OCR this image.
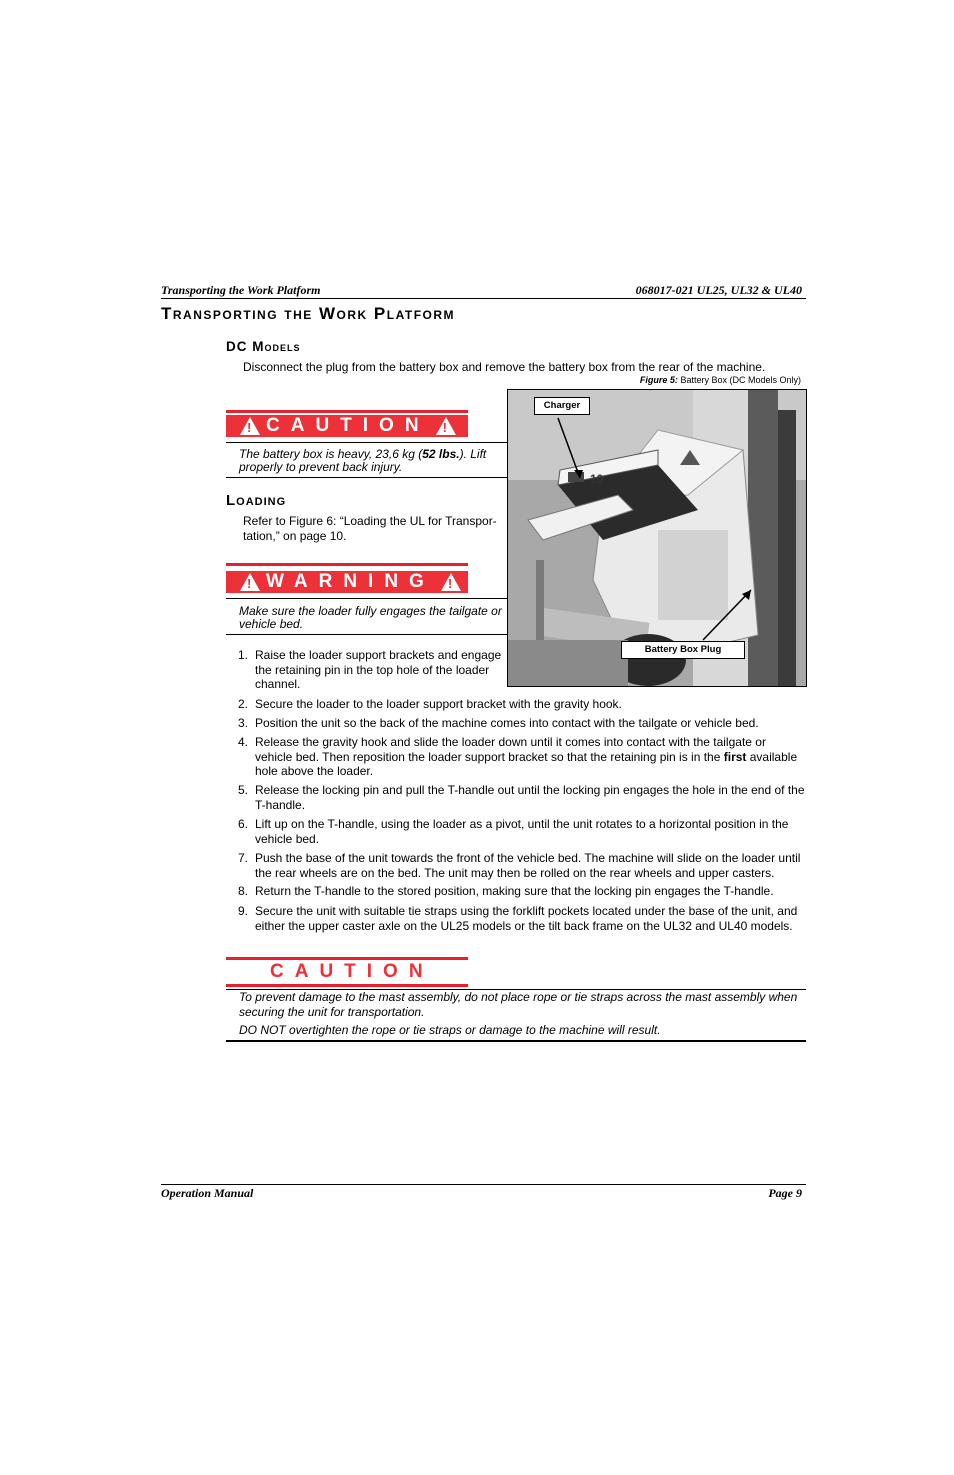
Transporting the Work Platform	068017-021 UL25, UL32 & UL40
Transporting the Work Platform
DC Models
Disconnect the plug from the battery box and remove the battery box from the rear of the machine.
Figure 5: Battery Box (DC Models Only)
10
Charger
Battery Box Plug
! CAUTION !
The battery box is heavy, 23,6 kg (52 lbs.). Lift properly to prevent back injury.
Loading
Refer to Figure 6: “Loading the UL for Transpor-tation,” on page 10.
! WARNING !
Make sure the loader fully engages the tailgate or vehicle bed.
1. Raise the loader support brackets and engage the retaining pin in the top hole of the loader channel.
2. Secure the loader to the loader support bracket with the gravity hook.
3. Position the unit so the back of the machine comes into contact with the tailgate or vehicle bed.
4. Release the gravity hook and slide the loader down until it comes into contact with the tailgate or vehicle bed. Then reposition the loader support bracket so that the retaining pin is in the first available hole above the loader.
5. Release the locking pin and pull the T-handle out until the locking pin engages the hole in the end of the T-handle.
6. Lift up on the T-handle, using the loader as a pivot, until the unit rotates to a horizontal position in the vehicle bed.
7. Push the base of the unit towards the front of the vehicle bed. The machine will slide on the loader until the rear wheels are on the bed. The unit may then be rolled on the rear wheels and upper casters.
8. Return the T-handle to the stored position, making sure that the locking pin engages the T-handle.
9. Secure the unit with suitable tie straps using the forklift pockets located under the base of the unit, and either the upper caster axle on the UL25 models or the tilt back frame on the UL32 and UL40 models.
CAUTION
To prevent damage to the mast assembly, do not place rope or tie straps across the mast assembly when securing the unit for transportation.
DO NOT overtighten the rope or tie straps or damage to the machine will result.
Operation Manual	Page 9
